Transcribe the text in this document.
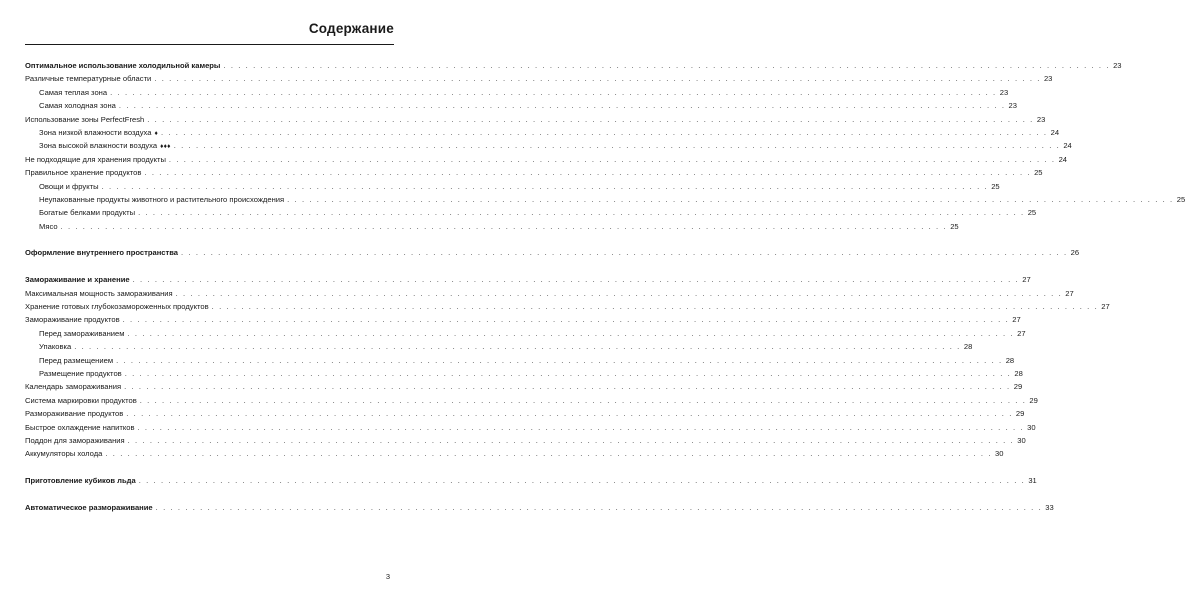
Содержание
Оптимальное использование холодильной камеры . . . . . . . . . . . . . . . . . . . . . . . . . . . . . . . . . . . . . . . . . . . . . . . . . . . . . . . . . . . . . . . . . . . . . . . . . . . . . . . . . . . . . . . . . . . . . . . . . . . . . . . . . . . . . . . . . . . . . . . . 23
Различные температурные области . . . . . . . . . . . . . . . . . . . . . . . . . . . . . . . . . . . . . . . . . . . . . . . . . . . . . . . . . . . . . . . . . . . . . . . . . . . . . . . . . . . . . . . . . . . . . . . . . . . . . . . . . . . . . . . . . . . . . . . . 23
Самая теплая зона . . . . . . . . . . . . . . . . . . . . . . . . . . . . . . . . . . . . . . . . . . . . . . . . . . . . . . . . . . . . . . . . . . . . . . . . . . . . . . . . . . . . . . . . . . . . . . . . . . . . . . . . . . . . . . . . . . . . . . . . 23
Самая холодная зона . . . . . . . . . . . . . . . . . . . . . . . . . . . . . . . . . . . . . . . . . . . . . . . . . . . . . . . . . . . . . . . . . . . . . . . . . . . . . . . . . . . . . . . . . . . . . . . . . . . . . . . . . . . . . . . . . . . . . . . . 23
Использование зоны PerfectFresh . . . . . . . . . . . . . . . . . . . . . . . . . . . . . . . . . . . . . . . . . . . . . . . . . . . . . . . . . . . . . . . . . . . . . . . . . . . . . . . . . . . . . . . . . . . . . . . . . . . . . . . . . . . . . . . . . . . . . . . . 23
Зона низкой влажности воздуха ♦ . . . . . . . . . . . . . . . . . . . . . . . . . . . . . . . . . . . . . . . . . . . . . . . . . . . . . . . . . . . . . . . . . . . . . . . . . . . . . . . . . . . . . . . . . . . . . . . . . . . . . . . . . . . . . . . . . . . . . . . . 24
Зона высокой влажности воздуха ♦♦♦ . . . . . . . . . . . . . . . . . . . . . . . . . . . . . . . . . . . . . . . . . . . . . . . . . . . . . . . . . . . . . . . . . . . . . . . . . . . . . . . . . . . . . . . . . . . . . . . . . . . . . . . . . . . . . . . . . . . . . . . . 24
Не подходящие для хранения продукты . . . . . . . . . . . . . . . . . . . . . . . . . . . . . . . . . . . . . . . . . . . . . . . . . . . . . . . . . . . . . . . . . . . . . . . . . . . . . . . . . . . . . . . . . . . . . . . . . . . . . . . . . . . . . . . . . . . . . . . . 24
Правильное хранение продуктов . . . . . . . . . . . . . . . . . . . . . . . . . . . . . . . . . . . . . . . . . . . . . . . . . . . . . . . . . . . . . . . . . . . . . . . . . . . . . . . . . . . . . . . . . . . . . . . . . . . . . . . . . . . . . . . . . . . . . . . . 25
Овощи и фрукты . . . . . . . . . . . . . . . . . . . . . . . . . . . . . . . . . . . . . . . . . . . . . . . . . . . . . . . . . . . . . . . . . . . . . . . . . . . . . . . . . . . . . . . . . . . . . . . . . . . . . . . . . . . . . . . . . . . . . . . . 25
Неупакованные продукты животного и растительного происхождения . . . . . . . . . . . . . . . . . . . . . . . . . . . . . . . . . . . . . . . . . . . . . . . . . . . . . . . . . . . . . . . . . . . . . . . . . . . . . . . . . . . . . . . . . . . . . . . . . . . . . . . . . . . . . . . . . . . . . . . . 25
Богатые белками продукты . . . . . . . . . . . . . . . . . . . . . . . . . . . . . . . . . . . . . . . . . . . . . . . . . . . . . . . . . . . . . . . . . . . . . . . . . . . . . . . . . . . . . . . . . . . . . . . . . . . . . . . . . . . . . . . . . . . . . . . . 25
Мясо . . . . . . . . . . . . . . . . . . . . . . . . . . . . . . . . . . . . . . . . . . . . . . . . . . . . . . . . . . . . . . . . . . . . . . . . . . . . . . . . . . . . . . . . . . . . . . . . . . . . . . . . . . . . . . . . . . . . . . . . 25
Оформление внутреннего пространства . . . . . . . . . . . . . . . . . . . . . . . . . . . . . . . . . . . . . . . . . . . . . . . . . . . . . . . . . . . . . . . . . . . . . . . . . . . . . . . . . . . . . . . . . . . . . . . . . . . . . . . . . . . . . . . . . . . . . . . . 26
Замораживание и хранение . . . . . . . . . . . . . . . . . . . . . . . . . . . . . . . . . . . . . . . . . . . . . . . . . . . . . . . . . . . . . . . . . . . . . . . . . . . . . . . . . . . . . . . . . . . . . . . . . . . . . . . . . . . . . . . . . . . . . . . . 27
Максимальная мощность замораживания . . . . . . . . . . . . . . . . . . . . . . . . . . . . . . . . . . . . . . . . . . . . . . . . . . . . . . . . . . . . . . . . . . . . . . . . . . . . . . . . . . . . . . . . . . . . . . . . . . . . . . . . . . . . . . . . . . . . . . . . 27
Хранение готовых глубокозамороженных продуктов . . . . . . . . . . . . . . . . . . . . . . . . . . . . . . . . . . . . . . . . . . . . . . . . . . . . . . . . . . . . . . . . . . . . . . . . . . . . . . . . . . . . . . . . . . . . . . . . . . . . . . . . . . . . . . . . . . . . . . . . 27
Замораживание продуктов . . . . . . . . . . . . . . . . . . . . . . . . . . . . . . . . . . . . . . . . . . . . . . . . . . . . . . . . . . . . . . . . . . . . . . . . . . . . . . . . . . . . . . . . . . . . . . . . . . . . . . . . . . . . . . . . . . . . . . . . 27
Перед замораживанием . . . . . . . . . . . . . . . . . . . . . . . . . . . . . . . . . . . . . . . . . . . . . . . . . . . . . . . . . . . . . . . . . . . . . . . . . . . . . . . . . . . . . . . . . . . . . . . . . . . . . . . . . . . . . . . . . . . . . . . . 27
Упаковка . . . . . . . . . . . . . . . . . . . . . . . . . . . . . . . . . . . . . . . . . . . . . . . . . . . . . . . . . . . . . . . . . . . . . . . . . . . . . . . . . . . . . . . . . . . . . . . . . . . . . . . . . . . . . . . . . . . . . . . . 28
Перед размещением . . . . . . . . . . . . . . . . . . . . . . . . . . . . . . . . . . . . . . . . . . . . . . . . . . . . . . . . . . . . . . . . . . . . . . . . . . . . . . . . . . . . . . . . . . . . . . . . . . . . . . . . . . . . . . . . . . . . . . . . 28
Размещение продуктов . . . . . . . . . . . . . . . . . . . . . . . . . . . . . . . . . . . . . . . . . . . . . . . . . . . . . . . . . . . . . . . . . . . . . . . . . . . . . . . . . . . . . . . . . . . . . . . . . . . . . . . . . . . . . . . . . . . . . . . . 28
Календарь замораживания . . . . . . . . . . . . . . . . . . . . . . . . . . . . . . . . . . . . . . . . . . . . . . . . . . . . . . . . . . . . . . . . . . . . . . . . . . . . . . . . . . . . . . . . . . . . . . . . . . . . . . . . . . . . . . . . . . . . . . . . 29
Система маркировки продуктов . . . . . . . . . . . . . . . . . . . . . . . . . . . . . . . . . . . . . . . . . . . . . . . . . . . . . . . . . . . . . . . . . . . . . . . . . . . . . . . . . . . . . . . . . . . . . . . . . . . . . . . . . . . . . . . . . . . . . . . . 29
Размораживание продуктов . . . . . . . . . . . . . . . . . . . . . . . . . . . . . . . . . . . . . . . . . . . . . . . . . . . . . . . . . . . . . . . . . . . . . . . . . . . . . . . . . . . . . . . . . . . . . . . . . . . . . . . . . . . . . . . . . . . . . . . . 29
Быстрое охлаждение напитков . . . . . . . . . . . . . . . . . . . . . . . . . . . . . . . . . . . . . . . . . . . . . . . . . . . . . . . . . . . . . . . . . . . . . . . . . . . . . . . . . . . . . . . . . . . . . . . . . . . . . . . . . . . . . . . . . . . . . . . . 30
Поддон для замораживания . . . . . . . . . . . . . . . . . . . . . . . . . . . . . . . . . . . . . . . . . . . . . . . . . . . . . . . . . . . . . . . . . . . . . . . . . . . . . . . . . . . . . . . . . . . . . . . . . . . . . . . . . . . . . . . . . . . . . . . . 30
Аккумуляторы холода . . . . . . . . . . . . . . . . . . . . . . . . . . . . . . . . . . . . . . . . . . . . . . . . . . . . . . . . . . . . . . . . . . . . . . . . . . . . . . . . . . . . . . . . . . . . . . . . . . . . . . . . . . . . . . . . . . . . . . . . 30
Приготовление кубиков льда . . . . . . . . . . . . . . . . . . . . . . . . . . . . . . . . . . . . . . . . . . . . . . . . . . . . . . . . . . . . . . . . . . . . . . . . . . . . . . . . . . . . . . . . . . . . . . . . . . . . . . . . . . . . . . . . . . . . . . . . 31
Автоматическое размораживание . . . . . . . . . . . . . . . . . . . . . . . . . . . . . . . . . . . . . . . . . . . . . . . . . . . . . . . . . . . . . . . . . . . . . . . . . . . . . . . . . . . . . . . . . . . . . . . . . . . . . . . . . . . . . . . . . . . . . . . . 33
3
